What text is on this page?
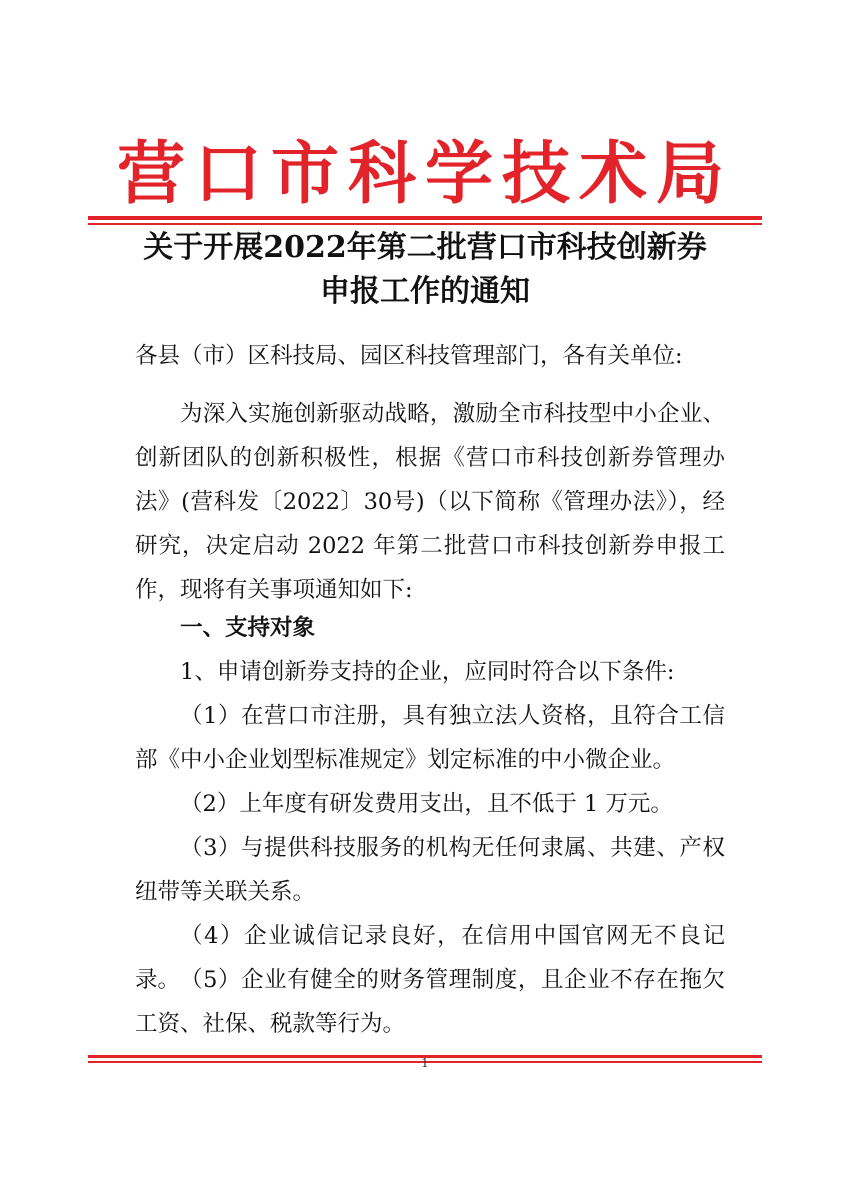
营口市科学技术局
关于开展2022年第二批营口市科技创新券
申报工作的通知

各县（市）区科技局、园区科技管理部门，各有关单位:

为深入实施创新驱动战略，激励全市科技型中小企业、创新团队的创新积极性，根据《营口市科技创新券管理办法》(营科发〔2022〕30号)（以下简称《管理办法》），经研究，决定启动 2022 年第二批营口市科技创新券申报工作，现将有关事项通知如下:

一、支持对象

1、申请创新券支持的企业，应同时符合以下条件:

（1）在营口市注册，具有独立法人资格，且符合工信部《中小企业划型标准规定》划定标准的中小微企业。

（2）上年度有研发费用支出，且不低于 1 万元。

（3）与提供科技服务的机构无任何隶属、共建、产权纽带等关联关系。

（4）企业诚信记录良好，在信用中国官网无不良记录。 （5）企业有健全的财务管理制度，且企业不存在拖欠工资、社保、税款等行为。

1
